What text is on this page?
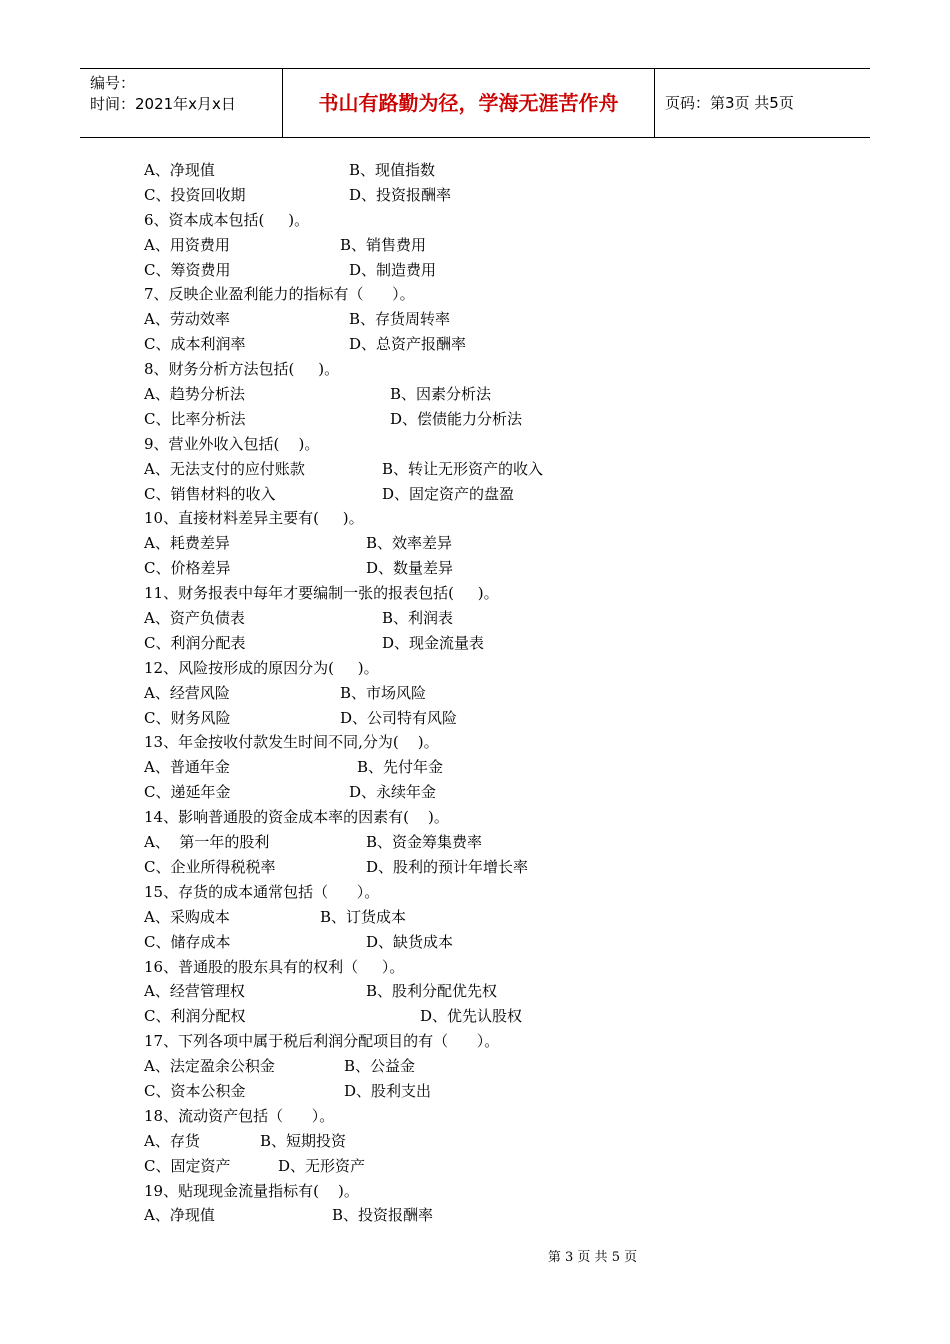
编号：
时间：2021年x月x日	书山有路勤为径，学海无涯苦作舟	页码：第3页 共5页
A、净现值	B、现值指数
C、投资回收期	D、投资报酬率
6、资本成本包括(     )。
A、用资费用	B、销售费用
C、筹资费用	D、制造费用
7、反映企业盈利能力的指标有（      ）。
A、劳动效率	B、存货周转率
C、成本利润率	D、总资产报酬率
8、财务分析方法包括(     )。
A、趋势分析法	B、因素分析法
C、比率分析法	D、偿债能力分析法
9、营业外收入包括(    )。
A、无法支付的应付账款	B、转让无形资产的收入
C、销售材料的收入	D、固定资产的盘盈
10、直接材料差异主要有(     )。
A、耗费差异	B、效率差异
C、价格差异	D、数量差异
11、财务报表中每年才要编制一张的报表包括(     )。
A、资产负债表	B、利润表
C、利润分配表	D、现金流量表
12、风险按形成的原因分为(     )。
A、经营风险	B、市场风险
C、财务风险	D、公司特有风险
13、年金按收付款发生时间不同,分为(    )。
A、普通年金	B、先付年金
C、递延年金	D、永续年金
14、影响普通股的资金成本率的因素有(    )。
A、  第一年的股利	B、资金筹集费率
C、企业所得税税率	D、股利的预计年增长率
15、存货的成本通常包括（      ）。
A、采购成本	B、订货成本
C、储存成本	D、缺货成本
16、普通股的股东具有的权利（     ）。
A、经营管理权	B、股利分配优先权
C、利润分配权	D、优先认股权
17、下列各项中属于税后利润分配项目的有（      ）。
A、法定盈余公积金	B、公益金
C、资本公积金	D、股利支出
18、流动资产包括（      ）。
A、存货	B、短期投资
C、固定资产	D、无形资产
19、贴现现金流量指标有(    )。
A、净现值	B、投资报酬率
第 3 页 共 5 页
